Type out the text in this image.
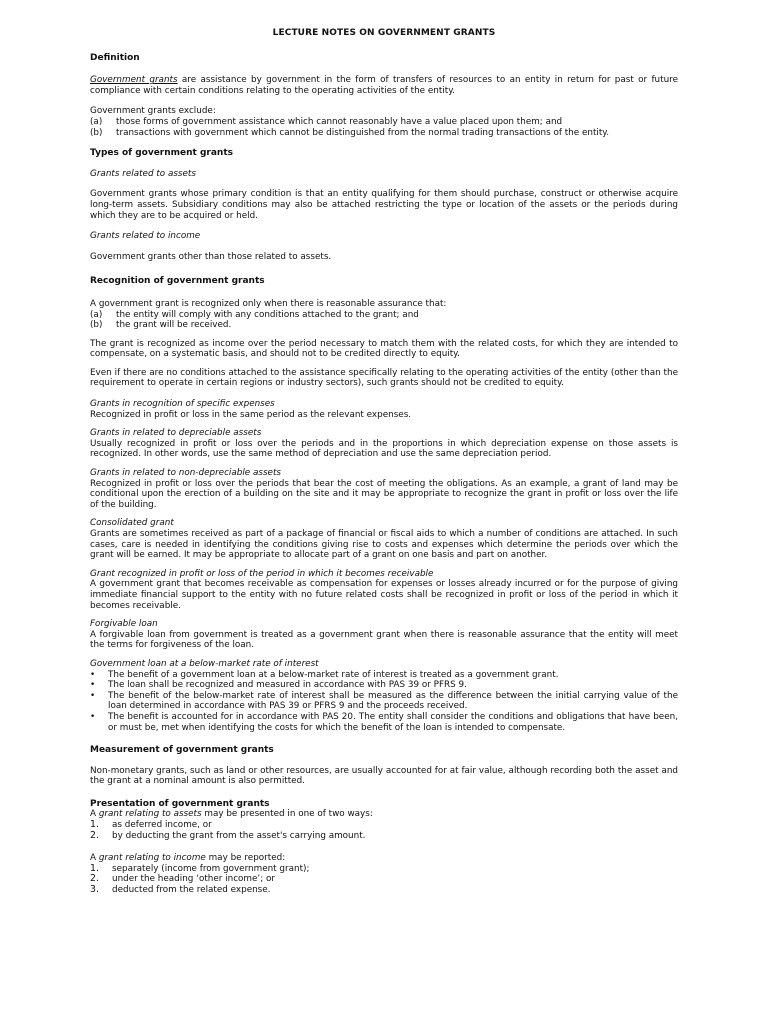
LECTURE NOTES ON GOVERNMENT GRANTS
Definition

Government grants are assistance by government in the form of transfers of resources to an entity in return for past or future compliance with certain conditions relating to the operating activities of the entity.

Government grants exclude:

(a)	those forms of government assistance which cannot reasonably have a value placed upon them; and
(b)	transactions with government which cannot be distinguished from the normal trading transactions of the entity.
Types of government grants

Grants related to assets

Government grants whose primary condition is that an entity qualifying for them should purchase, construct or otherwise acquire long-term assets. Subsidiary conditions may also be attached restricting the type or location of the assets or the periods during which they are to be acquired or held.

Grants related to income

Government grants other than those related to assets.

Recognition of government grants

A government grant is recognized only when there is reasonable assurance that:

(a)	the entity will comply with any conditions attached to the grant; and
(b)	the grant will be received.

The grant is recognized as income over the period necessary to match them with the related costs, for which they are intended to compensate, on a systematic basis, and should not to be credited directly to equity.

Even if there are no conditions attached to the assistance specifically relating to the operating activities of the entity (other than the requirement to operate in certain regions or industry sectors), such grants should not be credited to equity.

Grants in recognition of specific expenses

Recognized in profit or loss in the same period as the relevant expenses.

Grants in related to depreciable assets

Usually recognized in profit or loss over the periods and in the proportions in which depreciation expense on those assets is recognized. In other words, use the same method of depreciation and use the same depreciation period.

Grants in related to non-depreciable assets

Recognized in profit or loss over the periods that bear the cost of meeting the obligations. As an example, a grant of land may be conditional upon the erection of a building on the site and it may be appropriate to recognize the grant in profit or loss over the life of the building.

Consolidated grant

Grants are sometimes received as part of a package of financial or fiscal aids to which a number of conditions are attached. In such cases, care is needed in identifying the conditions giving rise to costs and expenses which determine the periods over which the grant will be earned. It may be appropriate to allocate part of a grant on one basis and part on another.

Grant recognized in profit or loss of the period in which it becomes receivable

A government grant that becomes receivable as compensation for expenses or losses already incurred or for the purpose of giving immediate financial support to the entity with no future related costs shall be recognized in profit or loss of the period in which it becomes receivable.

Forgivable loan

A forgivable loan from government is treated as a government grant when there is reasonable assurance that the entity will meet the terms for forgiveness of the loan.

Government loan at a below-market rate of interest

•	The benefit of a government loan at a below-market rate of interest is treated as a government grant.

•	The loan shall be recognized and measured in accordance with PAS 39 or PFRS 9.

•	The benefit of the below-market rate of interest shall be measured as the difference between the initial carrying value of the loan determined in accordance with PAS 39 or PFRS 9 and the proceeds received.

•	The benefit is accounted for in accordance with PAS 20. The entity shall consider the conditions and obligations that have been, or must be, met when identifying the costs for which the benefit of the loan is intended to compensate.

Measurement of government grants

Non-monetary grants, such as land or other resources, are usually accounted for at fair value, although recording both the asset and the grant at a nominal amount is also permitted.

Presentation of government grants

A grant relating to assets may be presented in one of two ways:

1.	as deferred income, or
2.	by deducting the grant from the asset's carrying amount.

A grant relating to income may be reported:

1.	separately (income from government grant);
2.	under the heading ‘other income’; or
3.	deducted from the related expense.
